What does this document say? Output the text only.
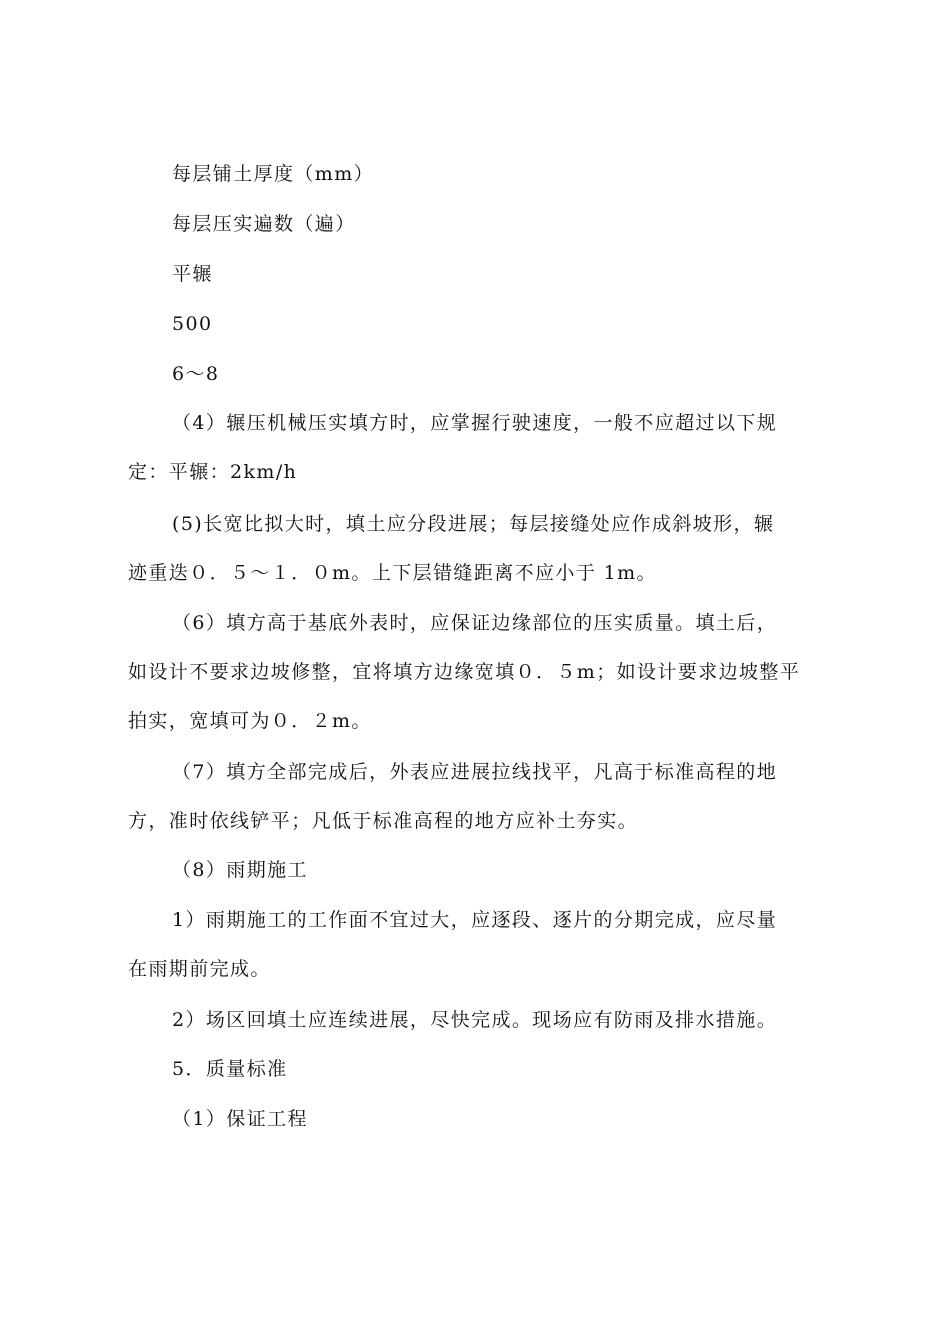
每层铺土厚度（mm）
每层压实遍数（遍）
平辗
500
6～8
（4）辗压机械压实填方时，应掌握行驶速度，一般不应超过以下规
定：平辗：2km/h
(5)长宽比拟大时，填土应分段进展；每层接缝处应作成斜坡形，辗
迹重迭０．５～１．０m。上下层错缝距离不应小于 1m。
（6）填方高于基底外表时，应保证边缘部位的压实质量。填土后，
如设计不要求边坡修整，宜将填方边缘宽填０．５m；如设计要求边坡整平
拍实，宽填可为０．２m。
（7）填方全部完成后，外表应进展拉线找平，凡高于标准高程的地
方，准时依线铲平；凡低于标准高程的地方应补土夯实。
（8）雨期施工
1）雨期施工的工作面不宜过大，应逐段、逐片的分期完成，应尽量
在雨期前完成。
2）场区回填土应连续进展，尽快完成。现场应有防雨及排水措施。
5．质量标准
（1）保证工程
